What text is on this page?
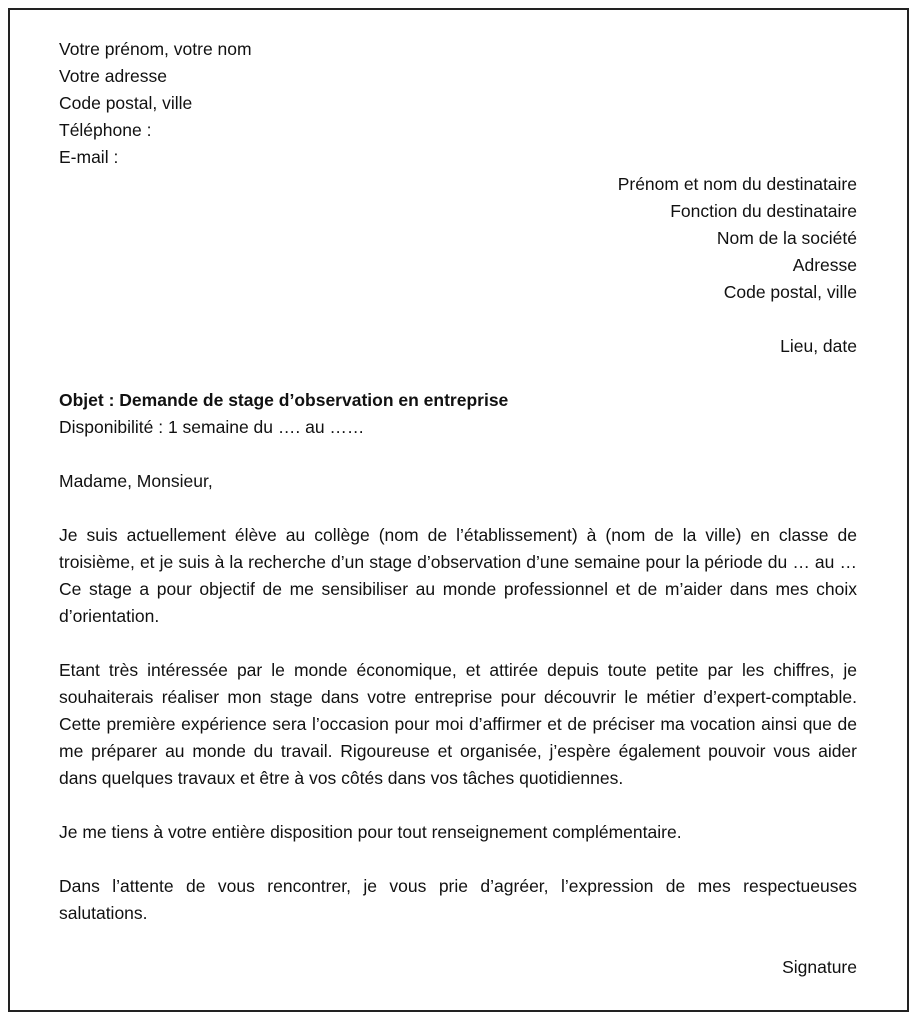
Votre prénom, votre nom
Votre adresse
Code postal, ville
Téléphone :
E-mail :
Prénom et nom du destinataire
Fonction du destinataire
Nom de la société
Adresse
Code postal, ville
Lieu, date
Objet : Demande de stage d’observation en entreprise
Disponibilité : 1 semaine du …. au ……
Madame, Monsieur,
Je suis actuellement élève au collège (nom de l’établissement) à (nom de la ville) en classe de troisième, et je suis à la recherche d’un stage d’observation d’une semaine pour la période du … au … Ce stage a pour objectif de me sensibiliser au monde professionnel et de m’aider dans mes choix d’orientation.
Etant très intéressée par le monde économique, et attirée depuis toute petite par les chiffres, je souhaiterais réaliser mon stage dans votre entreprise pour découvrir le métier d’expert-comptable. Cette première expérience sera l’occasion pour moi d’affirmer et de préciser ma vocation ainsi que de me préparer au monde du travail. Rigoureuse et organisée, j’espère également pouvoir vous aider dans quelques travaux et être à vos côtés dans vos tâches quotidiennes.
Je me tiens à votre entière disposition pour tout renseignement complémentaire.
Dans l’attente de vous rencontrer, je vous prie d’agréer, l’expression de mes respectueuses salutations.
Signature
